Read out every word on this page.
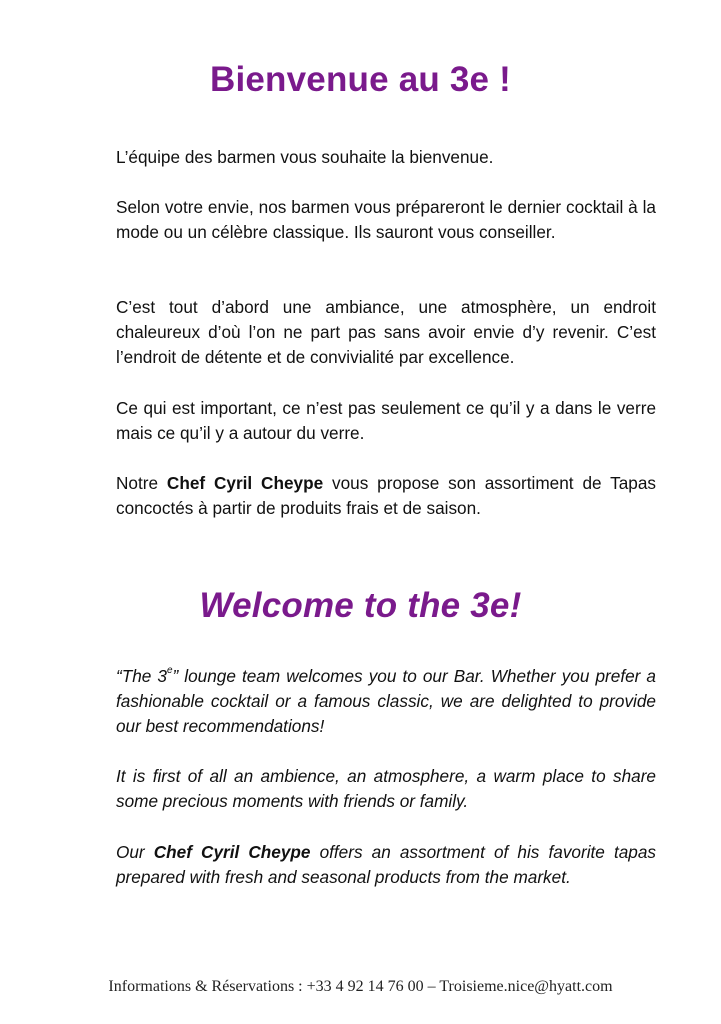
Bienvenue au 3e !

L’équipe des barmen vous souhaite la bienvenue.

Selon votre envie, nos barmen vous prépareront le dernier cocktail à la mode ou un célèbre classique. Ils sauront vous conseiller.

C’est tout d’abord une ambiance, une atmosphère, un endroit chaleureux d’où l’on ne part pas sans avoir envie d’y revenir. C’est l’endroit de détente et de convivialité par excellence.

Ce qui est important, ce n’est pas seulement ce qu’il y a dans le verre mais ce qu’il y a autour du verre.

Notre Chef Cyril Cheype vous propose son assortiment de Tapas concoctés à partir de produits frais et de saison.

Welcome to the 3e!

“The 3e” lounge team welcomes you to our Bar. Whether you prefer a fashionable cocktail or a famous classic, we are delighted to provide our best recommendations!

It is first of all an ambience, an atmosphere, a warm place to share some precious moments with friends or family.

Our Chef Cyril Cheype offers an assortment of his favorite tapas prepared with fresh and seasonal products from the market.

Informations & Réservations : +33 4 92 14 76 00 – Troisieme.nice@hyatt.com
